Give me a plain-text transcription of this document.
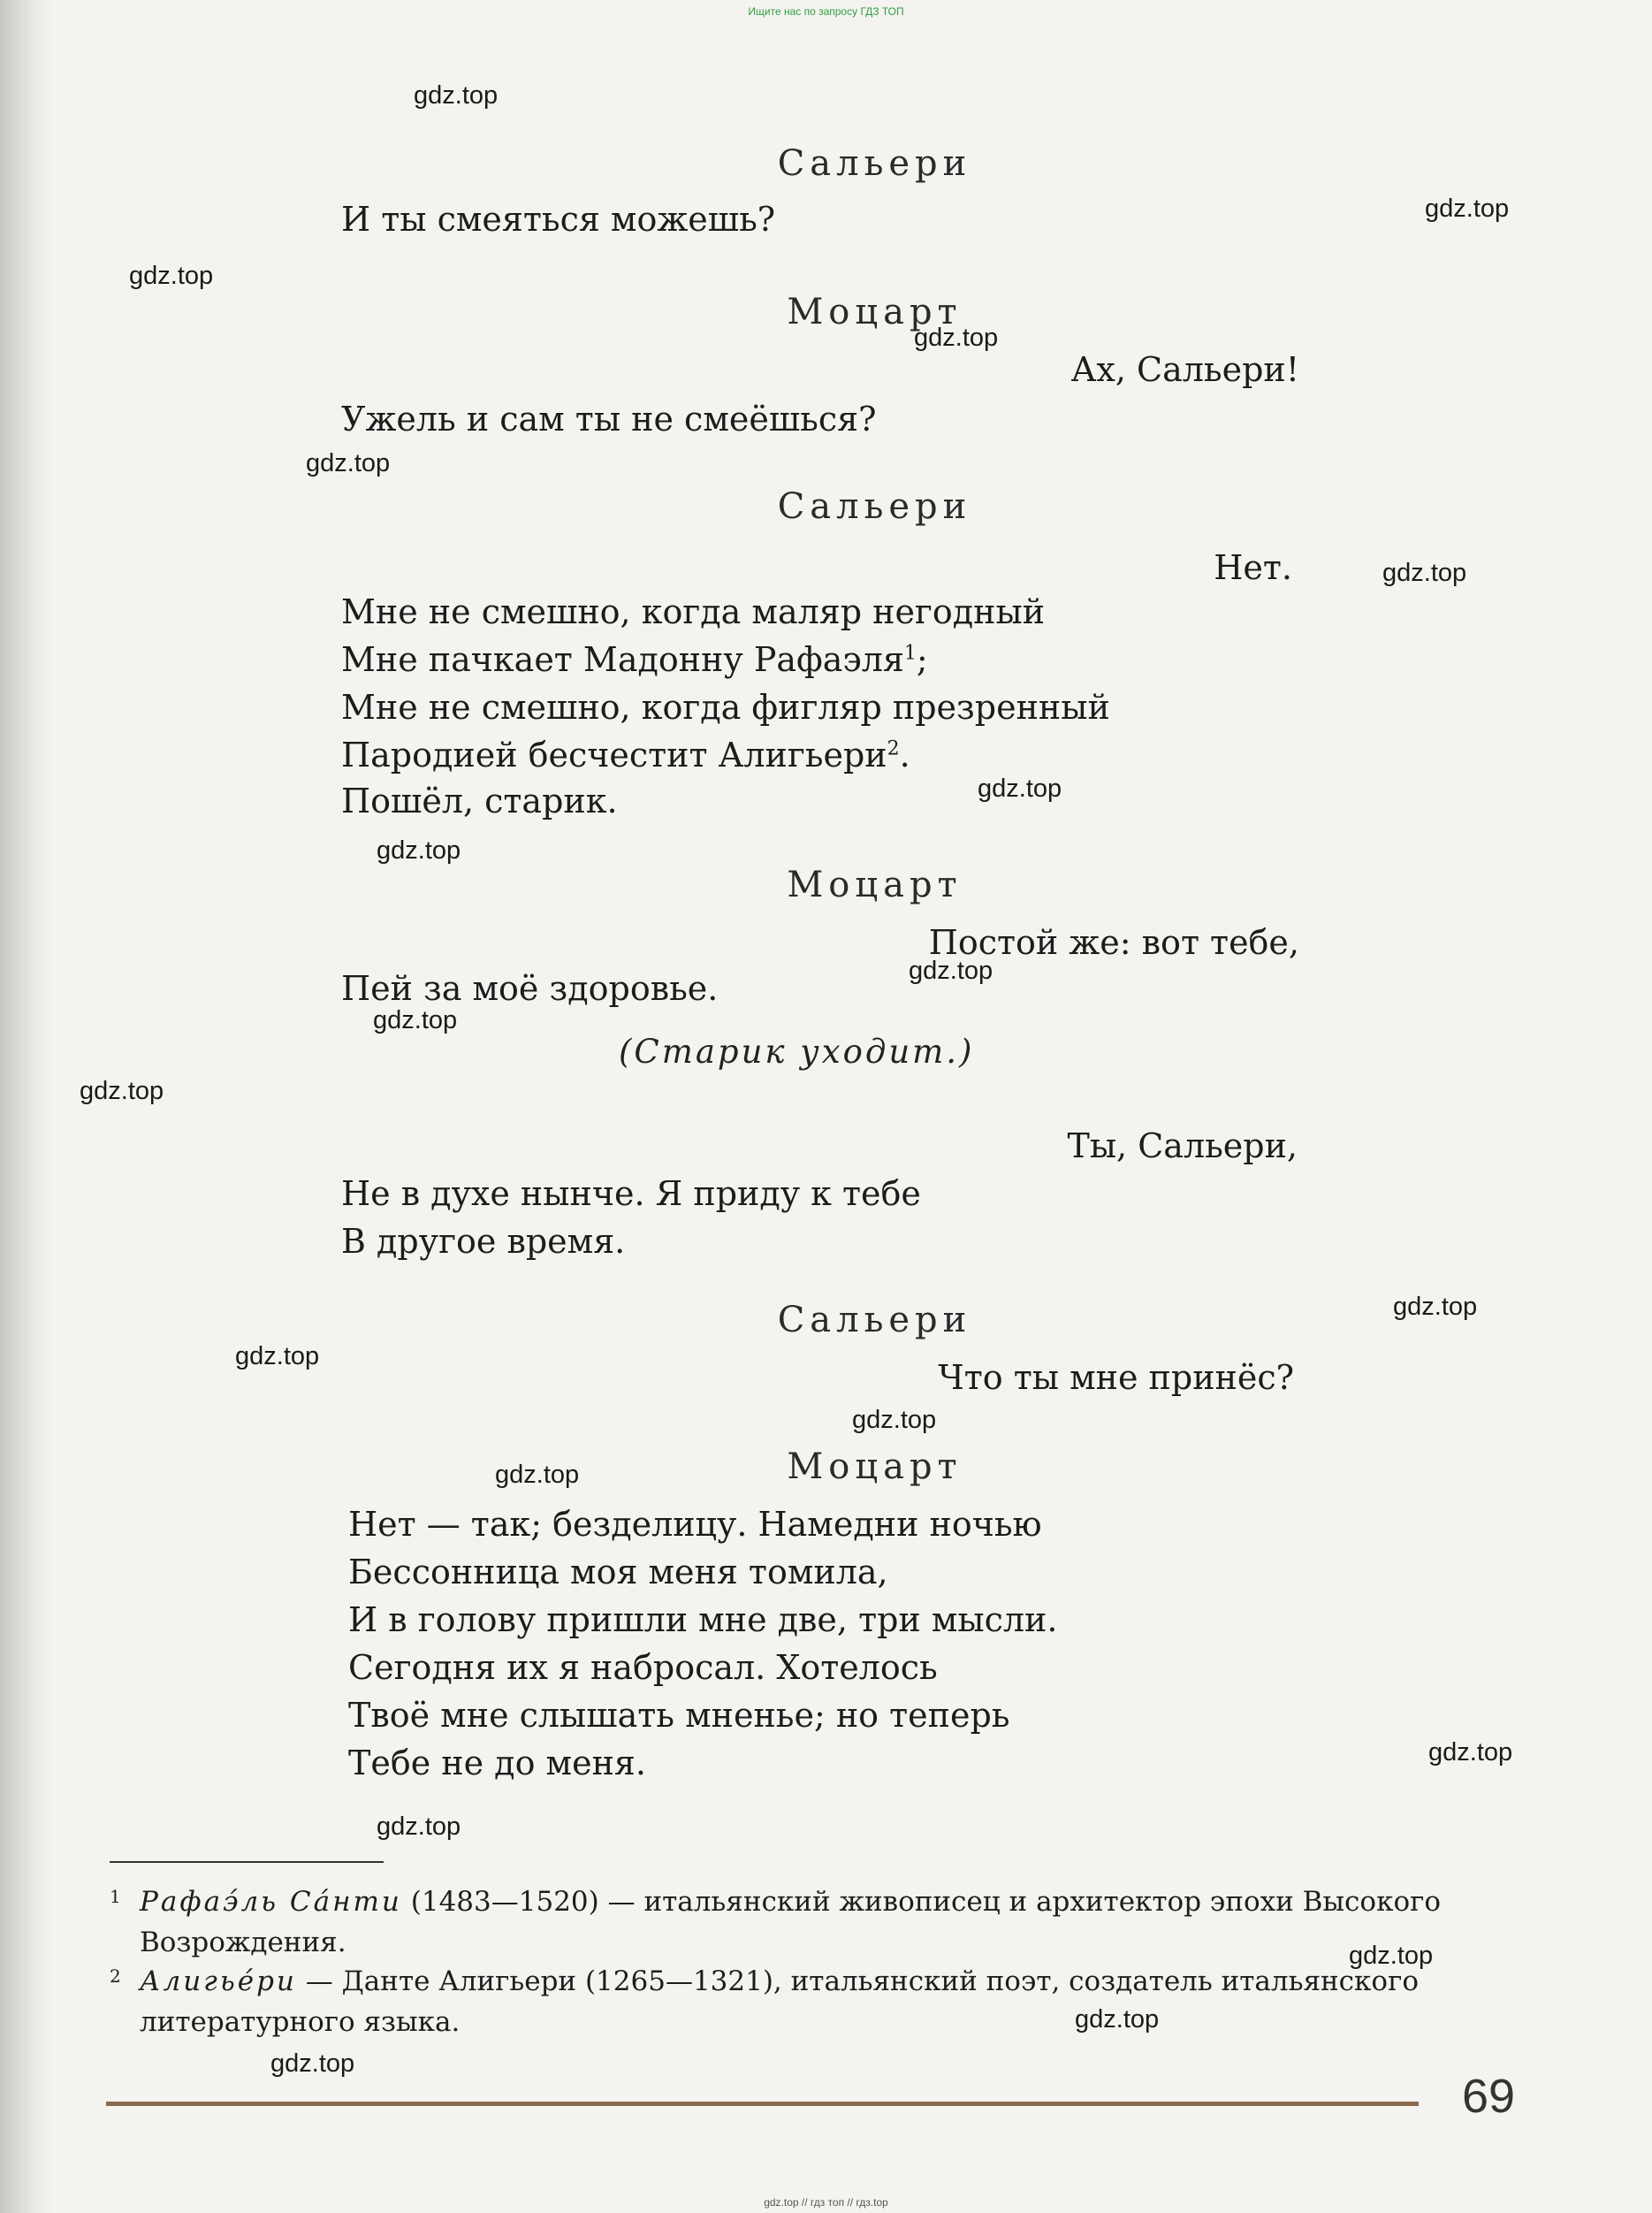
Ищите нас по запросу ГДЗ ТОП
gdz.top
gdz.top
gdz.top
gdz.top
gdz.top
gdz.top
gdz.top
gdz.top
gdz.top
gdz.top
gdz.top
gdz.top
gdz.top
gdz.top
gdz.top
gdz.top
gdz.top
gdz.top
gdz.top
gdz.top
Сальери
И ты смеяться можешь?
Моцарт
Ах, Сальери!
Ужель и сам ты не смеёшься?
Сальери
Нет.
Мне не смешно, когда маляр негодный
Мне пачкает Мадонну Рафаэля$^1$;
Мне не смешно, когда фигляр презренный
Пародией бесчестит Алигьери$^2$.
Пошёл, старик.
Моцарт
Постой же: вот тебе,
Пей за моё здоровье.
(Старик уходит.)
Ты, Сальери,
Не в духе нынче. Я приду к тебе
В другое время.
Сальери
Что ты мне принёс?
Моцарт
Нет — так; безделицу. Намедни ночью
Бессонница моя меня томила,
И в голову пришли мне две, три мысли.
Сегодня их я набросал. Хотелось
Твоё мне слышать мненье; но теперь
Тебе не до меня.
1 Рафаэ́ль Са́нти (1483—1520) — итальянский живописец и архитектор эпохи Высокого Возрождения.
2 Алигье́ри — Данте Алигьери (1265—1321), итальянский поэт, создатель итальянского литературного языка.
69
gdz.top // гдз топ // гдз.top
